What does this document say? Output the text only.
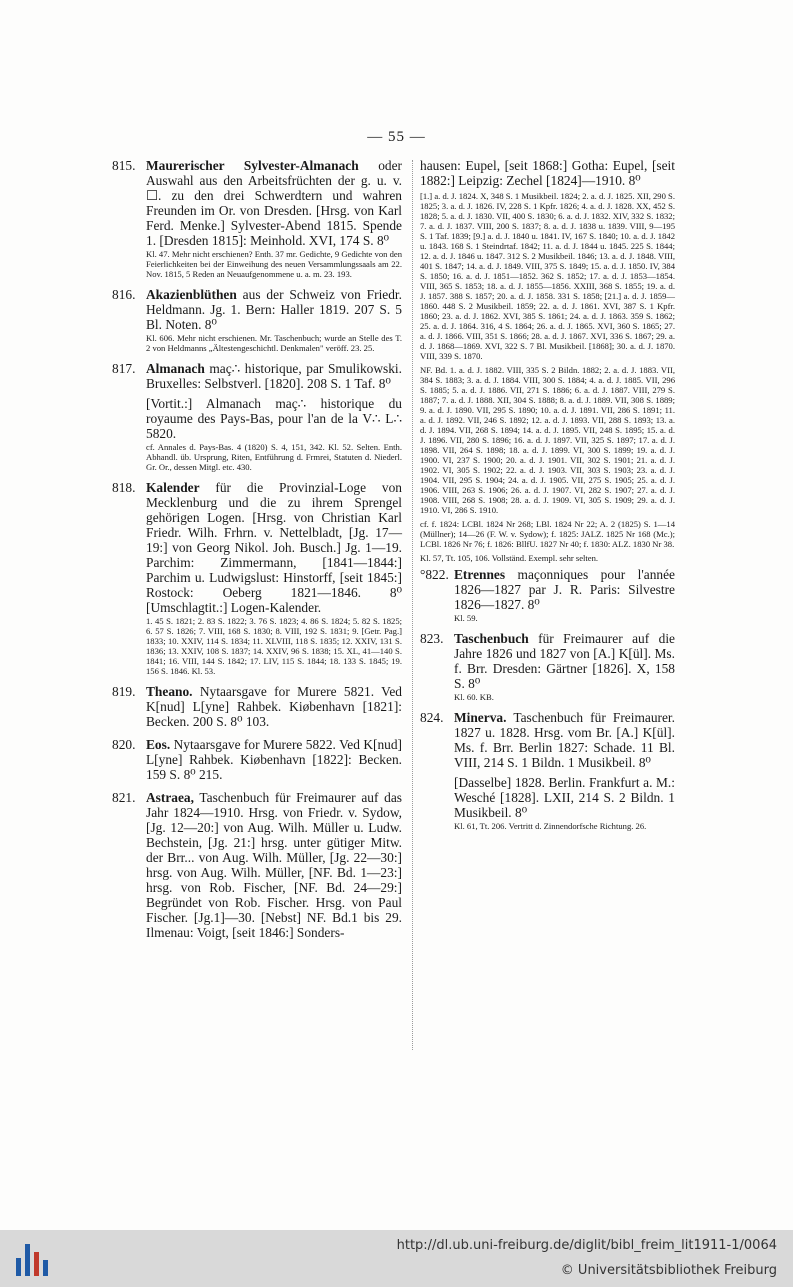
— 55 —
815. Maurerischer Sylvester-Almanach oder Auswahl aus den Arbeitsfrüchten der g. u. v. ☐. zu den drei Schwerdtern und wahren Freunden im Or. von Dresden. [Hrsg. von Karl Ferd. Menke.] Sylvester-Abend 1815. Spende 1. [Dresden 1815]: Meinhold. XVI, 174 S. 8⁰
Kl. 47. Mehr nicht erschienen? Enth. 37 mr. Gedichte, 9 Gedichte von den Feierlichkeiten bei der Einweihung des neuen Versammlungssaals am 22. Nov. 1815, 5 Reden an Neuaufgenommene u. a. m. 23. 193.
816. Akazienblüthen aus der Schweiz von Friedr. Heldmann. Jg. 1. Bern: Haller 1819. 207 S. 5 Bl. Noten. 8⁰
Kl. 606. Mehr nicht erschienen. Mr. Taschenbuch; wurde an Stelle des T. 2 von Heldmanns „Ältestengeschichtl. Denkmalen" veröff. 23. 25.
817. Almanach maç∴ historique, par Smulikowski. Bruxelles: Selbstverl. [1820]. 208 S. 1 Taf. 8⁰
[Vortit.:] Almanach maç∴ historique du royaume des Pays-Bas, pour l'an de la V∴ L∴ 5820.
cf. Annales d. Pays-Bas. 4 (1820) S. 4, 151, 342. Kl. 52. Selten. Enth. Abhandl. üb. Ursprung, Riten, Entführung d. Frmrei, Statuten d. Niederl. Gr. Or., dessen Mitgl. etc. 430.
818. Kalender für die Provinzial-Loge von Mecklenburg und die zu ihrem Sprengel gehörigen Logen. [Hrsg. von Christian Karl Friedr. Wilh. Frhrn. v. Nettelbladt, [Jg. 17—19:] von Georg Nikol. Joh. Busch.] Jg. 1—19. Parchim: Zimmermann, [1841—1844:] Parchim u. Ludwigslust: Hinstorff, [seit 1845:] Rostock: Oeberg 1821—1846. 8⁰ [Umschlagtit.:] Logen-Kalender.
1. 45 S. 1821; 2. 83 S. 1822; 3. 76 S. 1823; 4. 86 S. 1824; 5. 82 S. 1825; 6. 57 S. 1826; 7. VIII, 168 S. 1830; 8. VIII, 192 S. 1831; 9. [Getr. Pag.] 1833; 10. XXIV, 114 S. 1834; 11. XLVIII, 118 S. 1835; 12. XXIV, 131 S. 1836; 13. XXIV, 108 S. 1837; 14. XXIV, 96 S. 1838; 15. XL, 41—140 S. 1841; 16. VIII, 144 S. 1842; 17. LIV, 115 S. 1844; 18. 133 S. 1845; 19. 156 S. 1846. Kl. 53.
819. Theano. Nytaarsgave for Murere 5821. Ved K[nud] L[yne] Rahbek. Kiøbenhavn [1821]: Becken. 200 S. 8⁰ 103.
820. Eos. Nytaarsgave for Murere 5822. Ved K[nud] L[yne] Rahbek. Kiøbenhavn [1822]: Becken. 159 S. 8⁰ 215.
821. Astraea, Taschenbuch für Freimaurer auf das Jahr 1824—1910. Hrsg. von Friedr. v. Sydow, [Jg. 12—20:] von Aug. Wilh. Müller u. Ludw. Bechstein, [Jg. 21:] hrsg. unter gütiger Mitw. der Brr... von Aug. Wilh. Müller, [Jg. 22—30:] hrsg. von Aug. Wilh. Müller, [NF. Bd. 1—23:] hrsg. von Rob. Fischer, [NF. Bd. 24—29:] Begründet von Rob. Fischer. Hrsg. von Paul Fischer. [Jg.1]—30. [Nebst] NF. Bd.1 bis 29. Ilmenau: Voigt, [seit 1846:] Sonders-
hausen: Eupel, [seit 1868:] Gotha: Eupel, [seit 1882:] Leipzig: Zechel [1824]—1910. 8⁰
[1.] a. d. J. 1824. X, 348 S. 1 Musikbeil. 1824; 2. a. d. J. 1825. XII, 290 S. 1825; 3. a. d. J. 1826. IV, 228 S. 1 Kpfr. 1826; 4. a. d. J. 1828. XX, 452 S. 1828; 5. a. d. J. 1830. VII, 400 S. 1830; 6. a. d. J. 1832. XIV, 332 S. 1832; 7. a. d. J. 1837. VIII, 200 S. 1837; 8. a. d. J. 1838 u. 1839. VIII, 9—195 S. 1 Taf. 1839; [9.] a. d. J. 1840 u. 1841. IV, 167 S. 1840; 10. a. d. J. 1842 u. 1843. 168 S. 1 Steindrtaf. 1842; 11. a. d. J. 1844 u. 1845. 225 S. 1844; 12. a. d. J. 1846 u. 1847. 312 S. 2 Musikbeil. 1846; 13. a. d. J. 1848. VIII, 401 S. 1847; 14. a. d. J. 1849. VIII, 375 S. 1849; 15. a. d. J. 1850. IV, 384 S. 1850; 16. a. d. J. 1851—1852. 362 S. 1852; 17. a. d. J. 1853—1854. VIII, 365 S. 1853; 18. a. d. J. 1855—1856. XXIII, 368 S. 1855; 19. a. d. J. 1857. 388 S. 1857; 20. a. d. J. 1858. 331 S. 1858; [21.] a. d. J. 1859—1860. 448 S. 2 Musikbeil. 1859; 22. a. d. J. 1861. XVI, 387 S. 1 Kpfr. 1860; 23. a. d. J. 1862. XVI, 385 S. 1861; 24. a. d. J. 1863. 359 S. 1862; 25. a. d. J. 1864. 316, 4 S. 1864; 26. a. d. J. 1865. XVI, 360 S. 1865; 27. a. d. J. 1866. VIII, 351 S. 1866; 28. a. d. J. 1867. XVI, 336 S. 1867; 29. a. d. J. 1868—1869. XVI, 322 S. 7 Bl. Musikbeil. [1868]; 30. a. d. J. 1870. VIII, 339 S. 1870.
NF. Bd. 1. a. d. J. 1882. VIII, 335 S. 2 Bildn. 1882; 2. a. d. J. 1883. VII, 384 S. 1883; 3. a. d. J. 1884. VIII, 300 S. 1884; 4. a. d. J. 1885. VII, 296 S. 1885; 5. a. d. J. 1886. VII, 271 S. 1886; 6. a. d. J. 1887. VIII, 279 S. 1887; 7. a. d. J. 1888. XII, 304 S. 1888; 8. a. d. J. 1889. VII, 308 S. 1889; 9. a. d. J. 1890. VII, 295 S. 1890; 10. a. d. J. 1891. VII, 286 S. 1891; 11. a. d. J. 1892. VII, 246 S. 1892; 12. a. d. J. 1893. VII, 288 S. 1893; 13. a. d. J. 1894. VII, 268 S. 1894; 14. a. d. J. 1895. VII, 248 S. 1895; 15. a. d. J. 1896. VII, 280 S. 1896; 16. a. d. J. 1897. VII, 325 S. 1897; 17. a. d. J. 1898. VII, 264 S. 1898; 18. a. d. J. 1899. VI, 300 S. 1899; 19. a. d. J. 1900. VI, 237 S. 1900; 20. a. d. J. 1901. VII, 302 S. 1901; 21. a. d. J. 1902. VI, 305 S. 1902; 22. a. d. J. 1903. VII, 303 S. 1903; 23. a. d. J. 1904. VII, 295 S. 1904; 24. a. d. J. 1905. VII, 275 S. 1905; 25. a. d. J. 1906. VIII, 263 S. 1906; 26. a. d. J. 1907. VI, 282 S. 1907; 27. a. d. J. 1908. VIII, 268 S. 1908; 28. a. d. J. 1909. VI, 305 S. 1909; 29. a. d. J. 1910. VI, 286 S. 1910.
cf. f. 1824: LCBl. 1824 Nr 268; LBl. 1824 Nr 22; A. 2 (1825) S. 1—14 (Müllner); 14—26 (F. W. v. Sydow); f. 1825: JALZ. 1825 Nr 168 (Mc.); LCBl. 1826 Nr 76; f. 1826: BllfU. 1827 Nr 40; f. 1830: ALZ. 1830 Nr 38.
Kl. 57, Tt. 105, 106. Vollständ. Exempl. sehr selten.
°822. Etrennes maçonniques pour l'année 1826—1827 par J. R. Paris: Silvestre 1826—1827. 8⁰
Kl. 59.
823. Taschenbuch für Freimaurer auf die Jahre 1826 und 1827 von [A.] K[ül]. Ms. f. Brr. Dresden: Gärtner [1826]. X, 158 S. 8⁰
Kl. 60. KB.
824. Minerva. Taschenbuch für Freimaurer. 1827 u. 1828. Hrsg. vom Br. [A.] K[ül]. Ms. f. Brr. Berlin 1827: Schade. 11 Bl. VIII, 214 S. 1 Bildn. 1 Musikbeil. 8⁰
[Dasselbe] 1828. Berlin. Frankfurt a. M.: Wesché [1828]. LXII, 214 S. 2 Bildn. 1 Musikbeil. 8⁰
Kl. 61, Tt. 206. Vertritt d. Zinnendorfsche Richtung. 26.
http://dl.ub.uni-freiburg.de/diglit/bibl_freim_lit1911-1/0064
© Universitätsbibliothek Freiburg
